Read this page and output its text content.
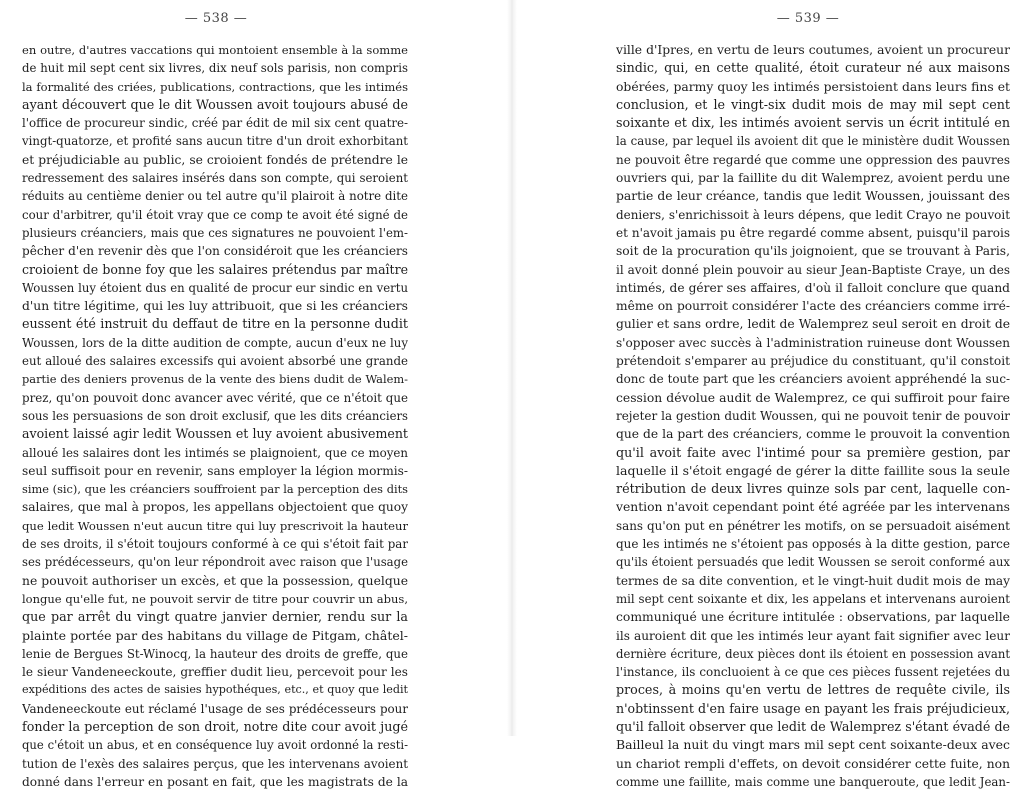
— 538 —
en outre, d'autres vaccations qui montoient ensemble à la somme
de huit mil sept cent six livres, dix neuf sols parisis, non compris
la formalité des criées, publications, contractions, que les intimés
ayant découvert que le dit Woussen avoit toujours abusé de
l'office de procureur sindic, créé par édit de mil six cent quatre-
vingt-quatorze, et profité sans aucun titre d'un droit exhorbitant
et préjudiciable au public, se croioient fondés de prétendre le
redressement des salaires insérés dans son compte, qui seroient
réduits au centième denier ou tel autre qu'il plairoit à notre dite
cour d'arbitrer, qu'il étoit vray que ce comp te avoit été signé de
plusieurs créanciers, mais que ces signatures ne pouvoient l'em-
pêcher d'en revenir dès que l'on considéroit que les créanciers
croioient de bonne foy que les salaires prétendus par maître
Woussen luy étoient dus en qualité de procur eur sindic en vertu
d'un titre légitime, qui les luy attribuoit, que si les créanciers
eussent été instruit du deffaut de titre en la personne dudit
Woussen, lors de la ditte audition de compte, aucun d'eux ne luy
eut alloué des salaires excessifs qui avoient absorbé une grande
partie des deniers provenus de la vente des biens dudit de Walem-
prez, qu'on pouvoit donc avancer avec vérité, que ce n'étoit que
sous les persuasions de son droit exclusif, que les dits créanciers
avoient laissé agir ledit Woussen et luy avoient abusivement
alloué les salaires dont les intimés se plaignoient, que ce moyen
seul suffisoit pour en revenir, sans employer la légion mormis-
sime (sic), que les créanciers souffroient par la perception des dits
salaires, que mal à propos, les appellans objectoient que quoy
que ledit Woussen n'eut aucun titre qui luy prescrivoit la hauteur
de ses droits, il s'étoit toujours conformé à ce qui s'étoit fait par
ses prédécesseurs, qu'on leur répondroit avec raison que l'usage
ne pouvoit authoriser un excès, et que la possession, quelque
longue qu'elle fut, ne pouvoit servir de titre pour couvrir un abus,
que par arrêt du vingt quatre janvier dernier, rendu sur la
plainte portée par des habitans du village de Pitgam, châtel-
lenie de Bergues St-Winocq, la hauteur des droits de greffe, que
le sieur Vandeneeckoute, greffier dudit lieu, percevoit pour les
expéditions des actes de saisies hypothéques, etc., et quoy que ledit
Vandeneeckoute eut réclamé l'usage de ses prédécesseurs pour
fonder la perception de son droit, notre dite cour avoit jugé
que c'étoit un abus, et en conséquence luy avoit ordonné la resti-
tution de l'exès des salaires perçus, que les intervenans avoient
donné dans l'erreur en posant en fait, que les magistrats de la
— 539 —
ville d'Ipres, en vertu de leurs coutumes, avoient un procureur
sindic, qui, en cette qualité, étoit curateur né aux maisons
obérées, parmy quoy les intimés persistoient dans leurs fins et
conclusion, et le vingt-six dudit mois de may mil sept cent
soixante et dix, les intimés avoient servis un écrit intitulé en
la cause, par lequel ils avoient dit que le ministère dudit Woussen
ne pouvoit être regardé que comme une oppression des pauvres
ouvriers qui, par la faillite du dit Walemprez, avoient perdu une
partie de leur créance, tandis que ledit Woussen, jouissant des
deniers, s'enrichissoit à leurs dépens, que ledit Crayo ne pouvoit
et n'avoit jamais pu être regardé comme absent, puisqu'il parois
soit de la procuration qu'ils joignoient, que se trouvant à Paris,
il avoit donné plein pouvoir au sieur Jean-Baptiste Craye, un des
intimés, de gérer ses affaires, d'où il falloit conclure que quand
même on pourroit considérer l'acte des créanciers comme irré-
gulier et sans ordre, ledit de Walemprez seul seroit en droit de
s'opposer avec succès à l'administration ruineuse dont Woussen
prétendoit s'emparer au préjudice du constituant, qu'il constoit
donc de toute part que les créanciers avoient appréhendé la suc-
cession dévolue audit de Walemprez, ce qui suffiroit pour faire
rejeter la gestion dudit Woussen, qui ne pouvoit tenir de pouvoir
que de la part des créanciers, comme le prouvoit la convention
qu'il avoit faite avec l'intimé pour sa première gestion, par
laquelle il s'étoit engagé de gérer la ditte faillite sous la seule
rétribution de deux livres quinze sols par cent, laquelle con-
vention n'avoit cependant point été agréée par les intervenans
sans qu'on put en pénétrer les motifs, on se persuadoit aisément
que les intimés ne s'étoient pas opposés à la ditte gestion, parce
qu'ils étoient persuadés que ledit Woussen se seroit conformé aux
termes de sa dite convention, et le vingt-huit dudit mois de may
mil sept cent soixante et dix, les appelans et intervenans auroient
communiqué une écriture intitulée : observations, par laquelle
ils auroient dit que les intimés leur ayant fait signifier avec leur
dernière écriture, deux pièces dont ils étoient en possession avant
l'instance, ils concluoient à ce que ces pièces fussent rejetées du
proces, à moins qu'en vertu de lettres de requête civile, ils
n'obtinssent d'en faire usage en payant les frais préjudicieux,
qu'il falloit observer que ledit de Walemprez s'étant évadé de
Bailleul la nuit du vingt mars mil sept cent soixante-deux avec
un chariot rempli d'effets, on devoit considérer cette fuite, non
comme une faillite, mais comme une banqueroute, que ledit Jean-
